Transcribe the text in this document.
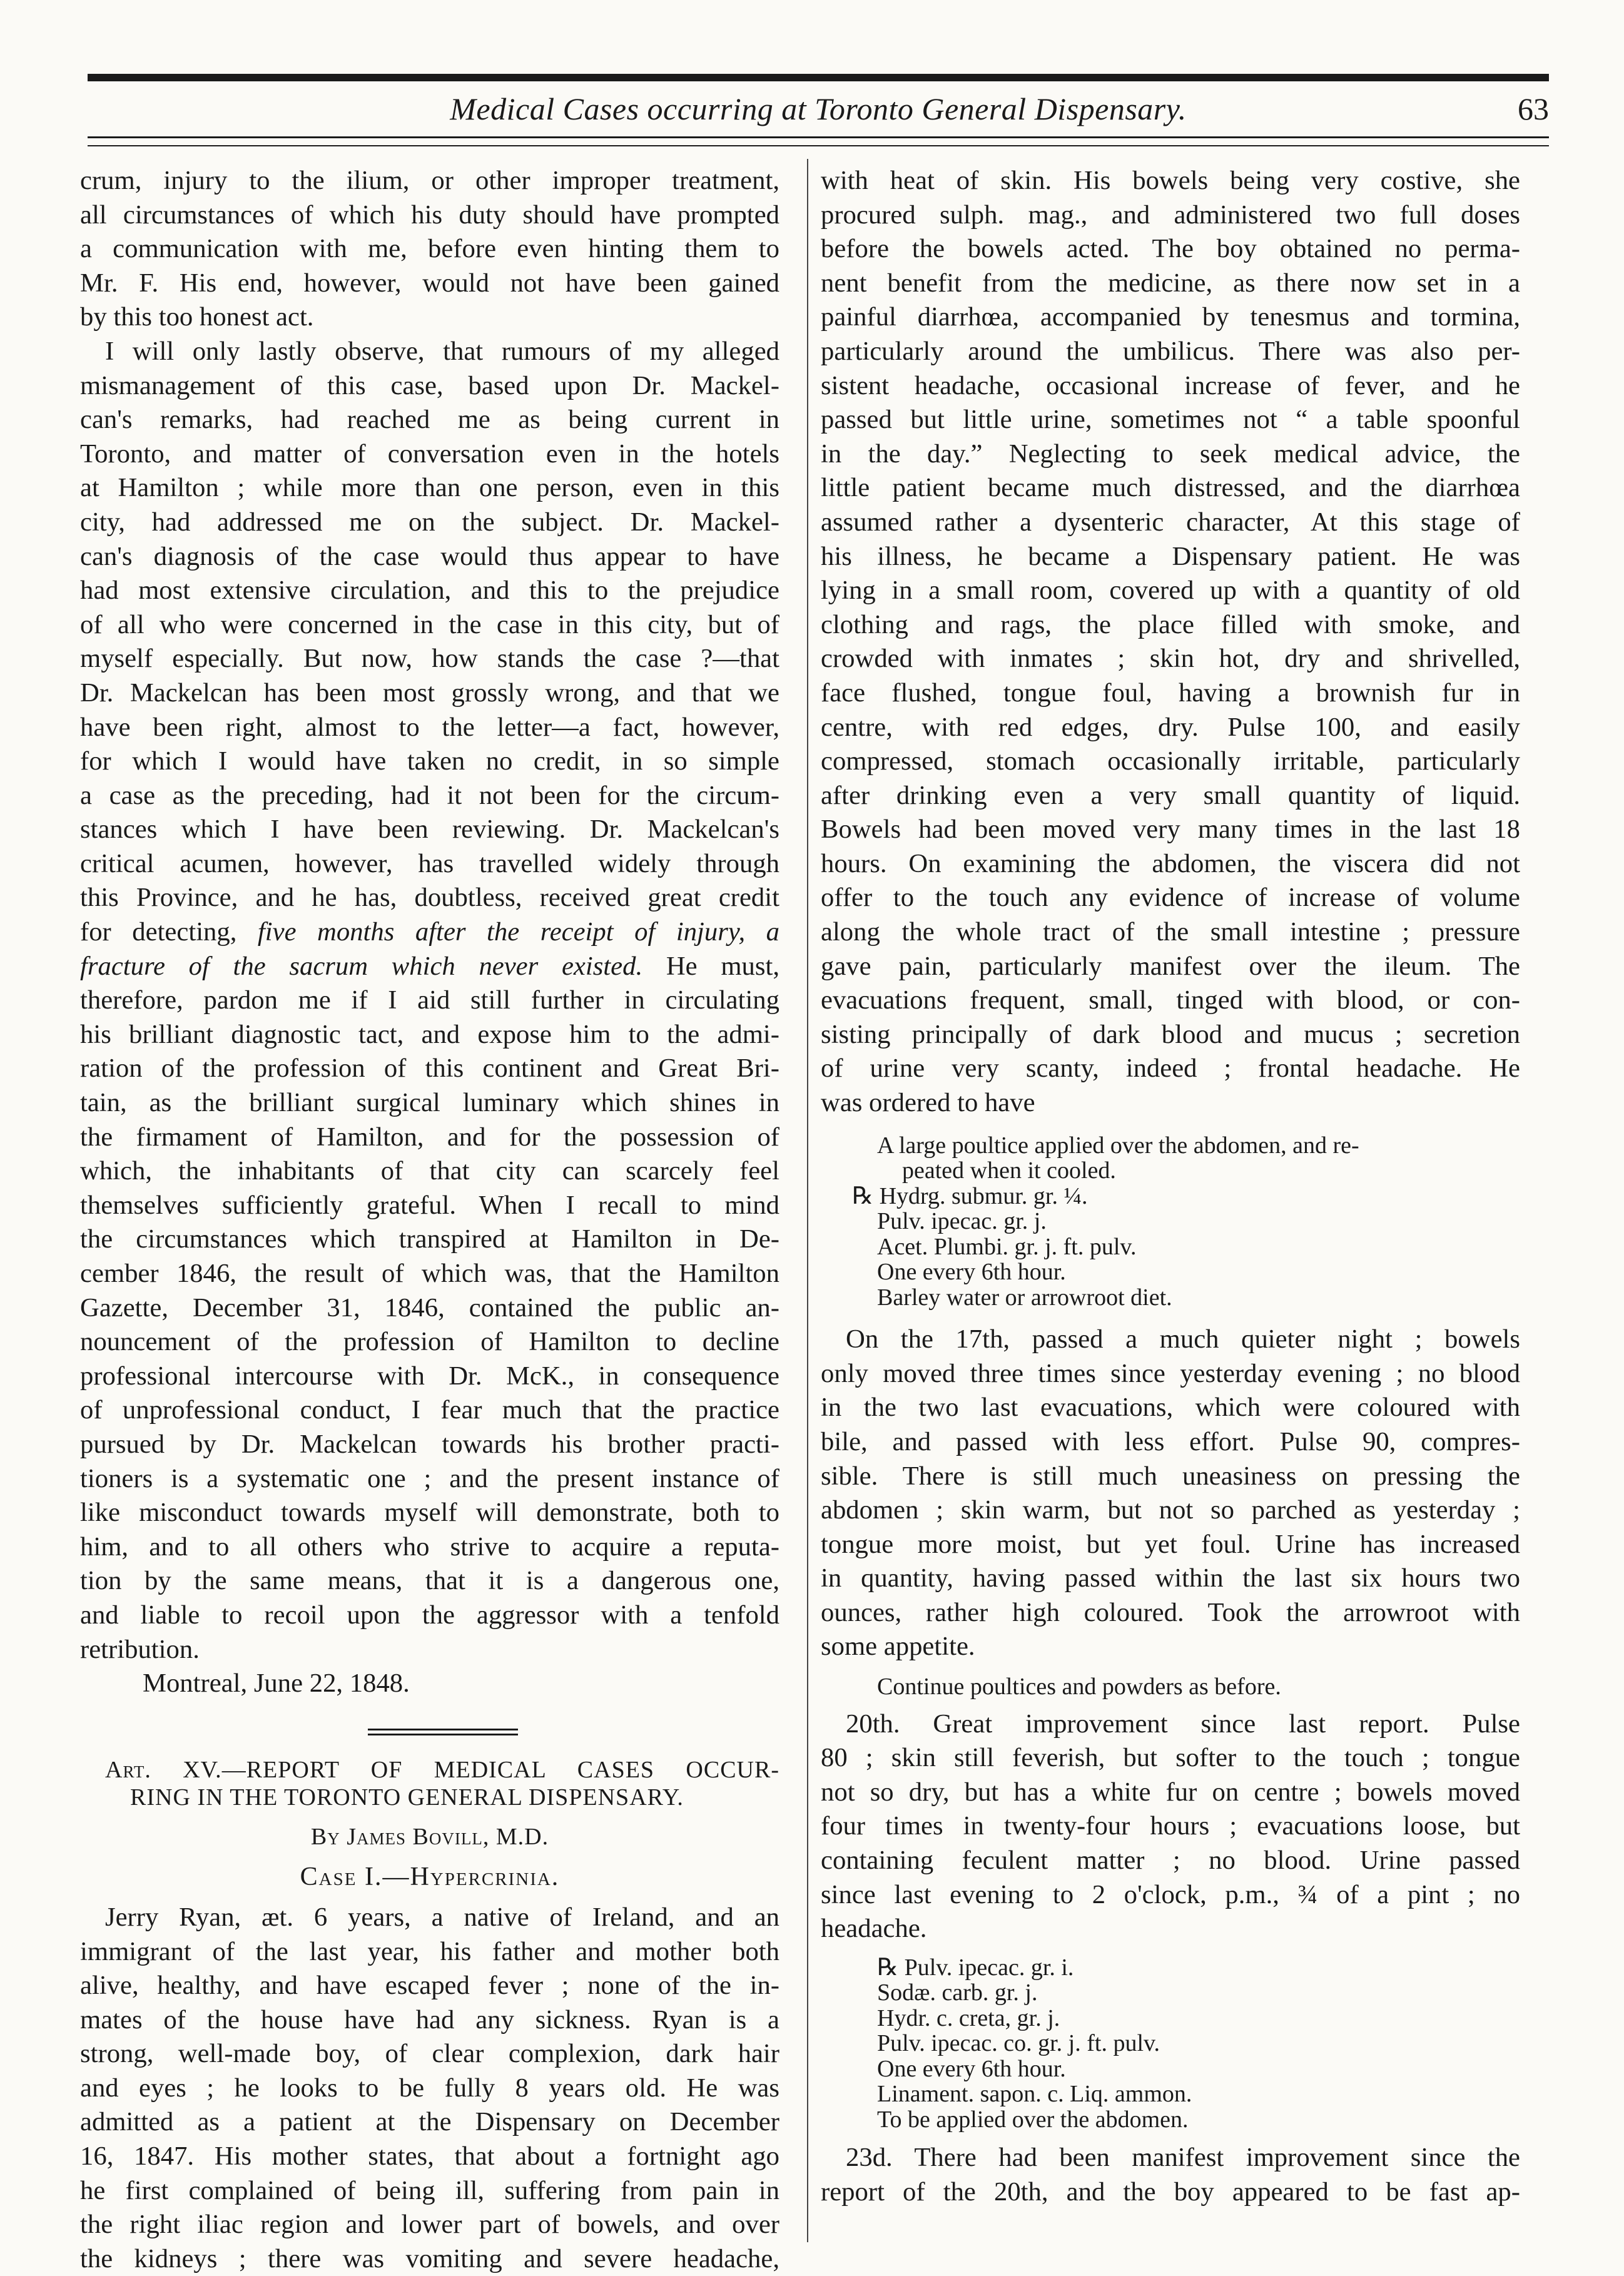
Medical Cases occurring at Toronto General Dispensary.	63
crum, injury to the ilium, or other improper treatment,
all circumstances of which his duty should have prompted
a communication with me, before even hinting them to
Mr. F. His end, however, would not have been gained
by this too honest act.
I will only lastly observe, that rumours of my alleged
mismanagement of this case, based upon Dr. Mackel-
can's remarks, had reached me as being current in
Toronto, and matter of conversation even in the hotels
at Hamilton ; while more than one person, even in this
city, had addressed me on the subject. Dr. Mackel-
can's diagnosis of the case would thus appear to have
had most extensive circulation, and this to the prejudice
of all who were concerned in the case in this city, but of
myself especially. But now, how stands the case ?—that
Dr. Mackelcan has been most grossly wrong, and that we
have been right, almost to the letter—a fact, however,
for which I would have taken no credit, in so simple
a case as the preceding, had it not been for the circum-
stances which I have been reviewing. Dr. Mackelcan's
critical acumen, however, has travelled widely through
this Province, and he has, doubtless, received great credit
for detecting, five months after the receipt of injury, a
fracture of the sacrum which never existed. He must,
therefore, pardon me if I aid still further in circulating
his brilliant diagnostic tact, and expose him to the admi-
ration of the profession of this continent and Great Bri-
tain, as the brilliant surgical luminary which shines in
the firmament of Hamilton, and for the possession of
which, the inhabitants of that city can scarcely feel
themselves sufficiently grateful. When I recall to mind
the circumstances which transpired at Hamilton in De-
cember 1846, the result of which was, that the Hamilton
Gazette, December 31, 1846, contained the public an-
nouncement of the profession of Hamilton to decline
professional intercourse with Dr. McK., in consequence
of unprofessional conduct, I fear much that the practice
pursued by Dr. Mackelcan towards his brother practi-
tioners is a systematic one ; and the present instance of
like misconduct towards myself will demonstrate, both to
him, and to all others who strive to acquire a reputa-
tion by the same means, that it is a dangerous one,
and liable to recoil upon the aggressor with a tenfold
retribution.
Montreal, June 22, 1848.
Art. XV.—REPORT OF MEDICAL CASES OCCUR-
RING IN THE TORONTO GENERAL DISPENSARY.
By James Bovill, M.D.
Case I.—Hypercrinia.
Jerry Ryan, æt. 6 years, a native of Ireland, and an
immigrant of the last year, his father and mother both
alive, healthy, and have escaped fever ; none of the in-
mates of the house have had any sickness. Ryan is a
strong, well-made boy, of clear complexion, dark hair
and eyes ; he looks to be fully 8 years old. He was
admitted as a patient at the Dispensary on December
16, 1847. His mother states, that about a fortnight ago
he first complained of being ill, suffering from pain in
the right iliac region and lower part of bowels, and over
the kidneys ; there was vomiting and severe headache,
with heat of skin. His bowels being very costive, she
procured sulph. mag., and administered two full doses
before the bowels acted. The boy obtained no perma-
nent benefit from the medicine, as there now set in a
painful diarrhœa, accompanied by tenesmus and tormina,
particularly around the umbilicus. There was also per-
sistent headache, occasional increase of fever, and he
passed but little urine, sometimes not “ a table spoonful
in the day.” Neglecting to seek medical advice, the
little patient became much distressed, and the diarrhœa
assumed rather a dysenteric character, At this stage of
his illness, he became a Dispensary patient. He was
lying in a small room, covered up with a quantity of old
clothing and rags, the place filled with smoke, and
crowded with inmates ; skin hot, dry and shrivelled,
face flushed, tongue foul, having a brownish fur in
centre, with red edges, dry. Pulse 100, and easily
compressed, stomach occasionally irritable, particularly
after drinking even a very small quantity of liquid.
Bowels had been moved very many times in the last 18
hours. On examining the abdomen, the viscera did not
offer to the touch any evidence of increase of volume
along the whole tract of the small intestine ; pressure
gave pain, particularly manifest over the ileum. The
evacuations frequent, small, tinged with blood, or con-
sisting principally of dark blood and mucus ; secretion
of urine very scanty, indeed ; frontal headache. He
was ordered to have
A large poultice applied over the abdomen, and re-
peated when it cooled.
℞ Hydrg. submur. gr. ¼.
Pulv. ipecac. gr. j.
Acet. Plumbi. gr. j. ft. pulv.
One every 6th hour.
Barley water or arrowroot diet.
On the 17th, passed a much quieter night ; bowels
only moved three times since yesterday evening ; no blood
in the two last evacuations, which were coloured with
bile, and passed with less effort. Pulse 90, compres-
sible. There is still much uneasiness on pressing the
abdomen ; skin warm, but not so parched as yesterday ;
tongue more moist, but yet foul. Urine has increased
in quantity, having passed within the last six hours two
ounces, rather high coloured. Took the arrowroot with
some appetite.
Continue poultices and powders as before.
20th. Great improvement since last report. Pulse
80 ; skin still feverish, but softer to the touch ; tongue
not so dry, but has a white fur on centre ; bowels moved
four times in twenty-four hours ; evacuations loose, but
containing feculent matter ; no blood. Urine passed
since last evening to 2 o'clock, p.m., ¾ of a pint ; no
headache.
℞ Pulv. ipecac. gr. i.
Sodæ. carb. gr. j.
Hydr. c. creta, gr. j.
Pulv. ipecac. co. gr. j. ft. pulv.
One every 6th hour.
Linament. sapon. c. Liq. ammon.
To be applied over the abdomen.
23d. There had been manifest improvement since the
report of the 20th, and the boy appeared to be fast ap-
